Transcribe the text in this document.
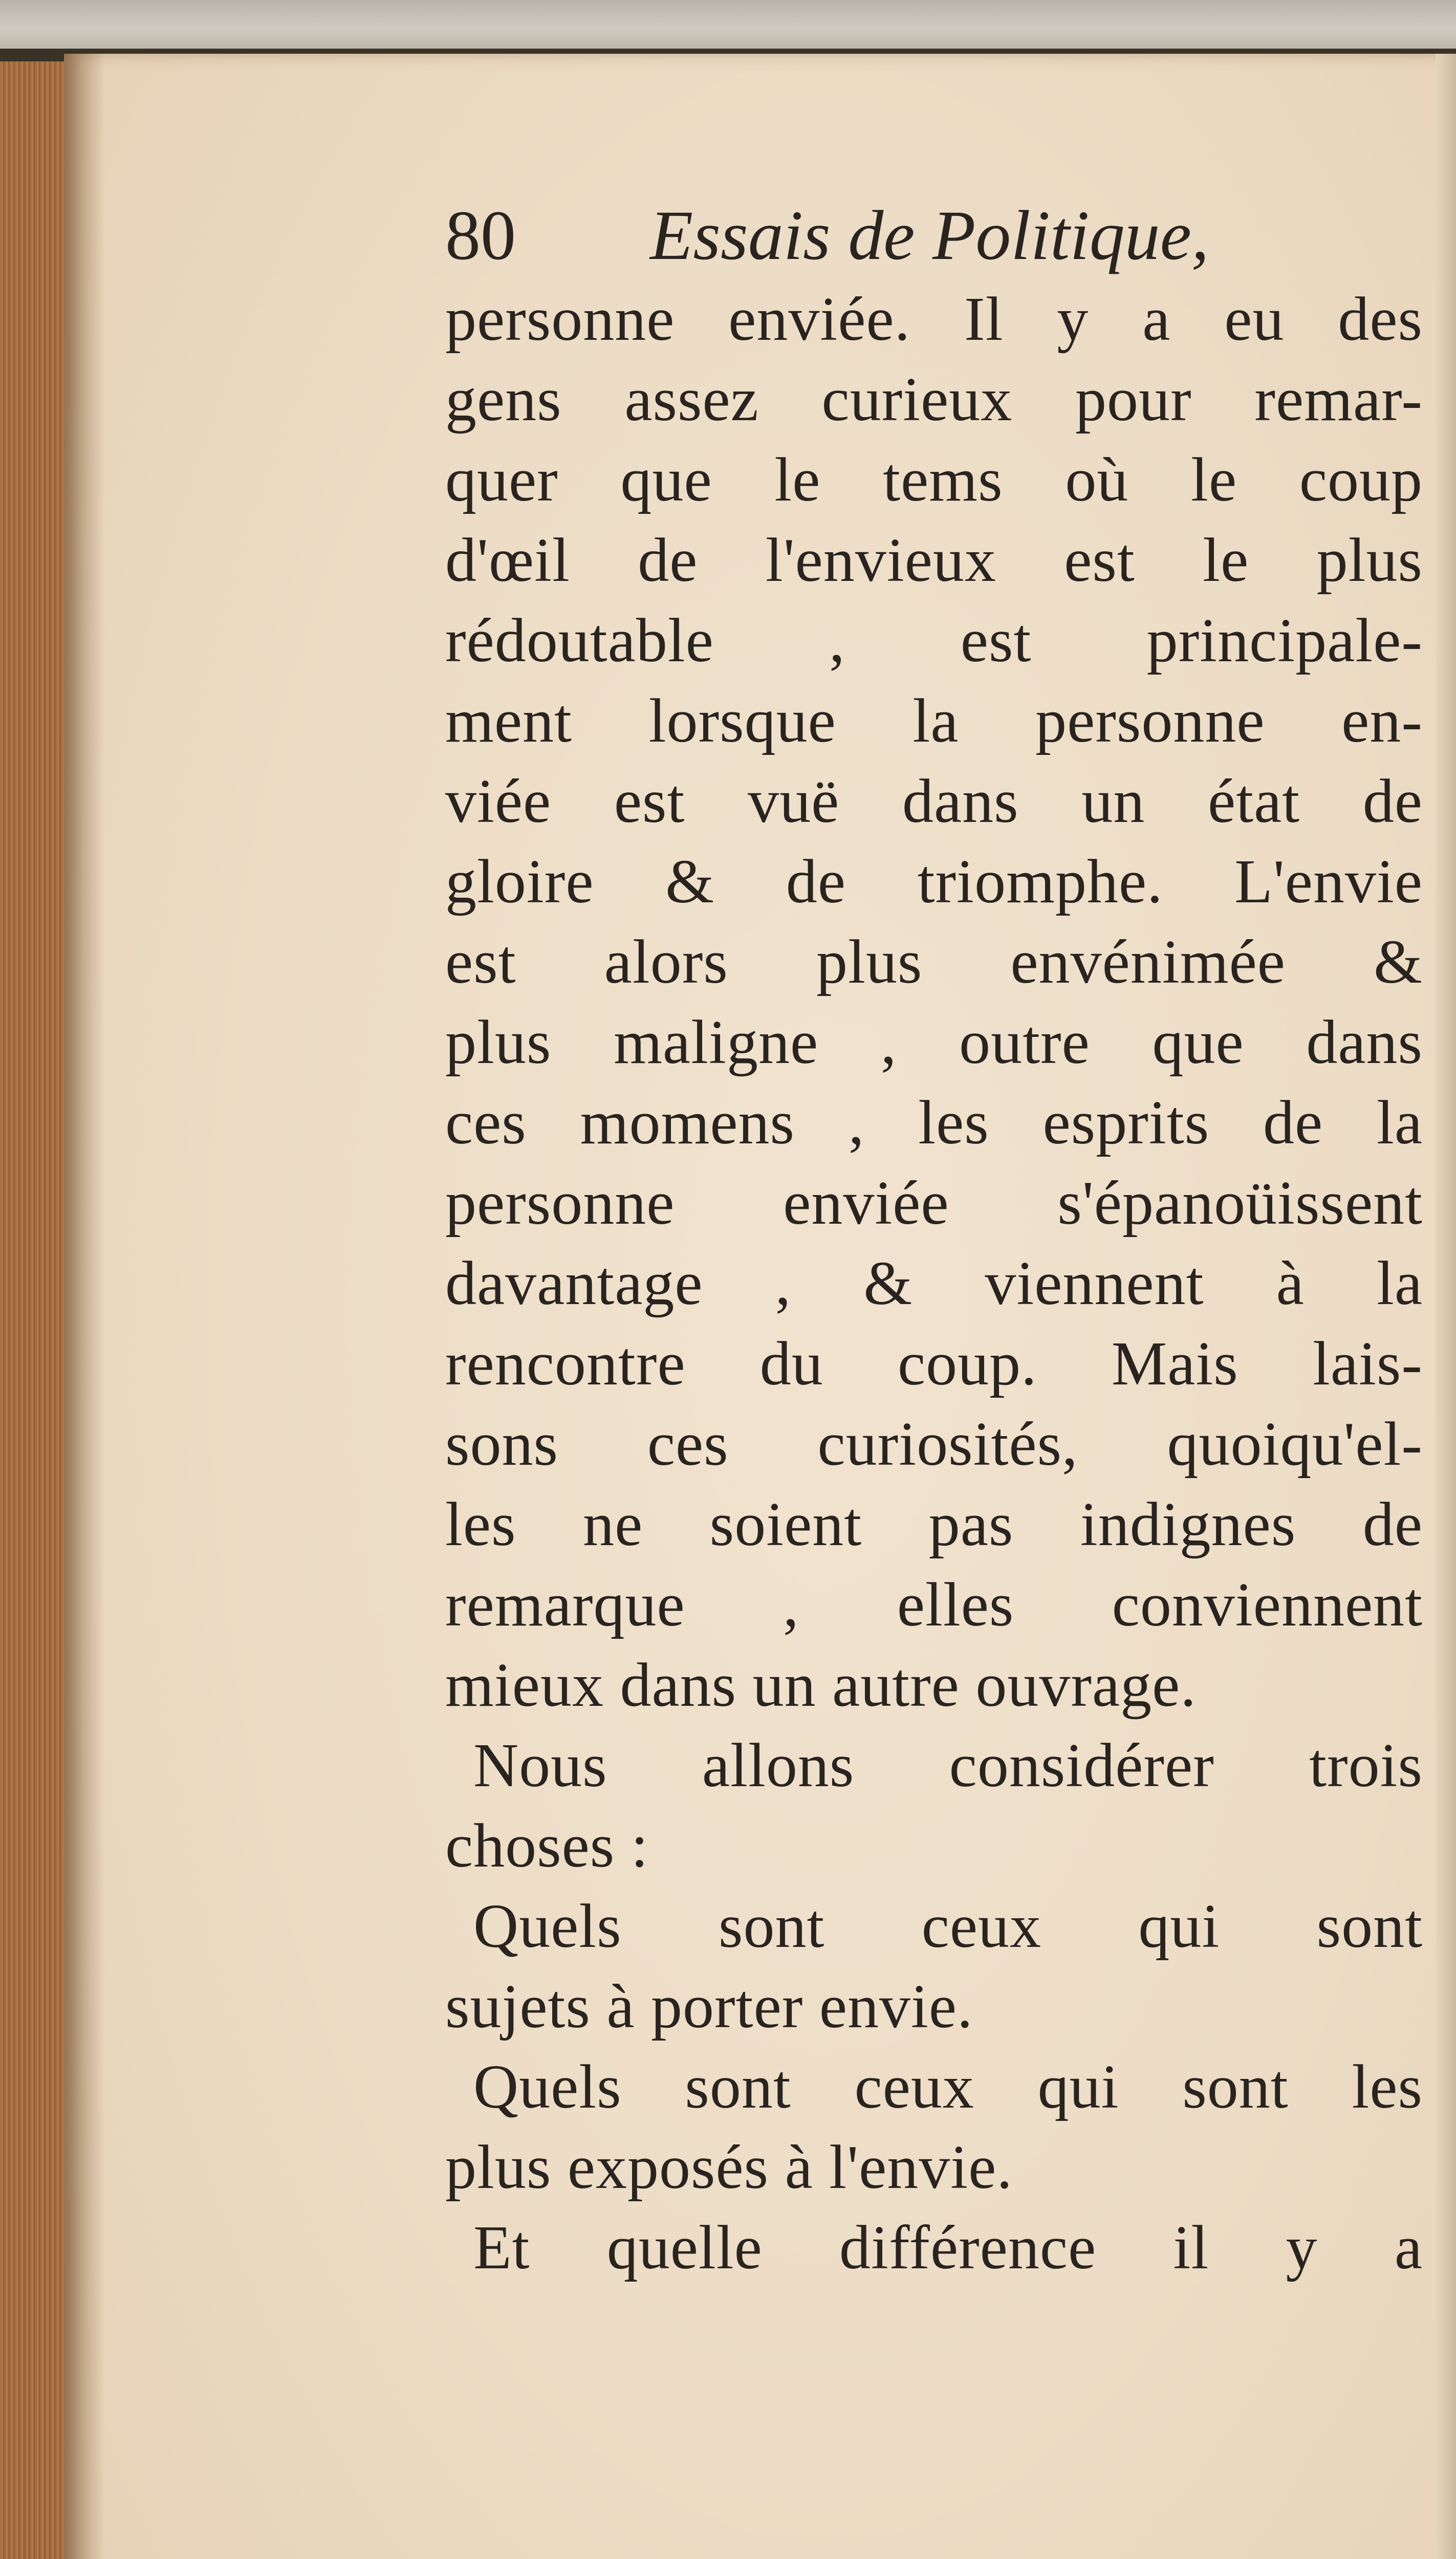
80 Essais de Politique,
personne enviée. Il y a eu des
gens assez curieux pour remar-
quer que le tems où le coup
d'œil de l'envieux est le plus
rédoutable , est principale-
ment lorsque la personne en-
viée est vuë dans un état de
gloire & de triomphe. L'envie
est alors plus envénimée &
plus maligne , outre que dans
ces momens , les esprits de la
personne enviée s'épanoüissent
davantage , & viennent à la
rencontre du coup. Mais lais-
sons ces curiosités, quoiqu'el-
les ne soient pas indignes de
remarque , elles conviennent
mieux dans un autre ouvrage.
Nous allons considérer trois
choses :
Quels sont ceux qui sont
sujets à porter envie.
Quels sont ceux qui sont les
plus exposés à l'envie.
Et quelle différence il y a
